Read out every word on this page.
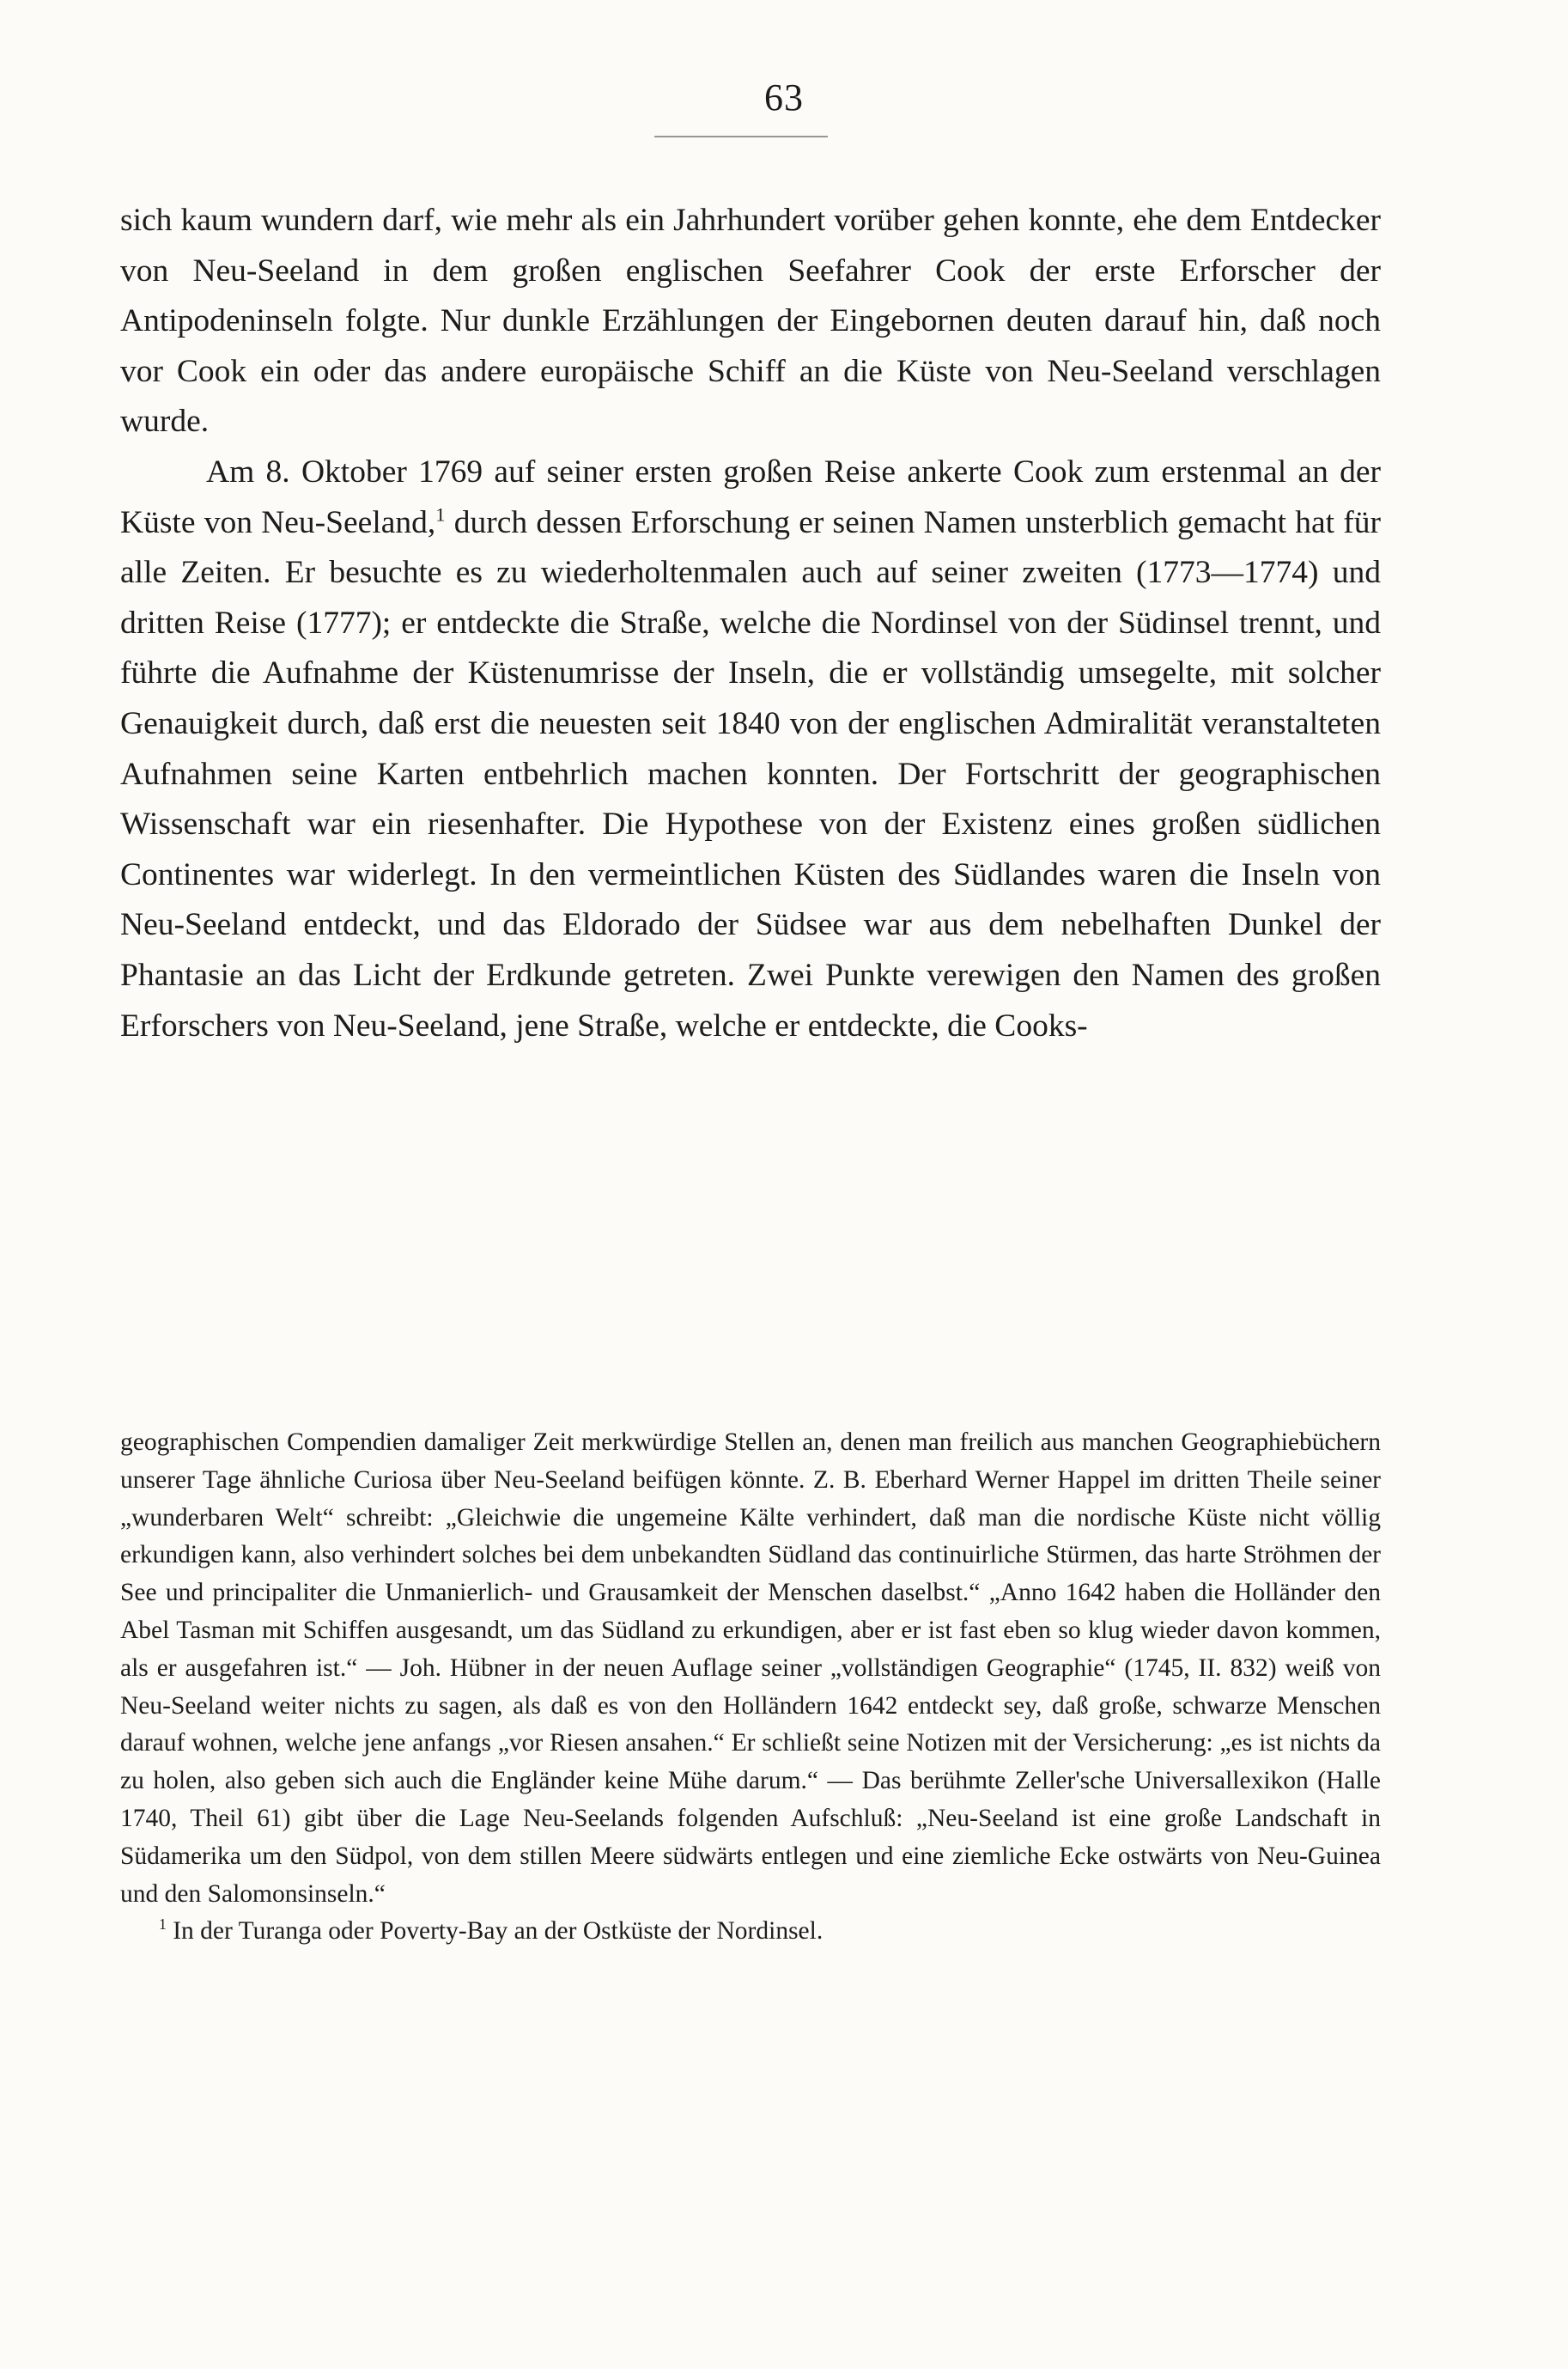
63

sich kaum wundern darf, wie mehr als ein Jahrhundert vorüber gehen konnte, ehe dem Entdecker von Neu-Seeland in dem großen englischen Seefahrer Cook der erste Erforscher der Antipodeninseln folgte. Nur dunkle Erzählungen der Eingebornen deuten darauf hin, daß noch vor Cook ein oder das andere europäische Schiff an die Küste von Neu-Seeland verschlagen wurde.

Am 8. Oktober 1769 auf seiner ersten großen Reise ankerte Cook zum erstenmal an der Küste von Neu-Seeland,$^1$ durch dessen Erforschung er seinen Namen unsterblich gemacht hat für alle Zeiten. Er besuchte es zu wiederholtenmalen auch auf seiner zweiten (1773—1774) und dritten Reise (1777); er entdeckte die Straße, welche die Nordinsel von der Südinsel trennt, und führte die Aufnahme der Küstenumrisse der Inseln, die er vollständig umsegelte, mit solcher Genauigkeit durch, daß erst die neuesten seit 1840 von der englischen Admiralität veranstalteten Aufnahmen seine Karten entbehrlich machen konnten. Der Fortschritt der geographischen Wissenschaft war ein riesenhafter. Die Hypothese von der Existenz eines großen südlichen Continentes war widerlegt. In den vermeintlichen Küsten des Südlandes waren die Inseln von Neu-Seeland entdeckt, und das Eldorado der Südsee war aus dem nebelhaften Dunkel der Phantasie an das Licht der Erdkunde getreten. Zwei Punkte verewigen den Namen des großen Erforschers von Neu-Seeland, jene Straße, welche er entdeckte, die Cooks-

geographischen Compendien damaliger Zeit merkwürdige Stellen an, denen man freilich aus manchen Geographiebüchern unserer Tage ähnliche Curiosa über Neu-Seeland beifügen könnte. Z. B. Eberhard Werner Happel im dritten Theile seiner „wunderbaren Welt“ schreibt: „Gleichwie die ungemeine Kälte verhindert, daß man die nordische Küste nicht völlig erkundigen kann, also verhindert solches bei dem unbekandten Südland das continuirliche Stürmen, das harte Ströhmen der See und principaliter die Unmanierlich- und Grausamkeit der Menschen daselbst.“ „Anno 1642 haben die Holländer den Abel Tasman mit Schiffen ausgesandt, um das Südland zu erkundigen, aber er ist fast eben so klug wieder davon kommen, als er ausgefahren ist.“ — Joh. Hübner in der neuen Auflage seiner „vollständigen Geographie“ (1745, II. 832) weiß von Neu-Seeland weiter nichts zu sagen, als daß es von den Holländern 1642 entdeckt sey, daß große, schwarze Menschen darauf wohnen, welche jene anfangs „vor Riesen ansahen.“ Er schließt seine Notizen mit der Versicherung: „es ist nichts da zu holen, also geben sich auch die Engländer keine Mühe darum.“ — Das berühmte Zeller'sche Universallexikon (Halle 1740, Theil 61) gibt über die Lage Neu-Seelands folgenden Aufschluß: „Neu-Seeland ist eine große Landschaft in Südamerika um den Südpol, von dem stillen Meere südwärts entlegen und eine ziemliche Ecke ostwärts von Neu-Guinea und den Salomonsinseln.“

$^1$ In der Turanga oder Poverty-Bay an der Ostküste der Nordinsel.
